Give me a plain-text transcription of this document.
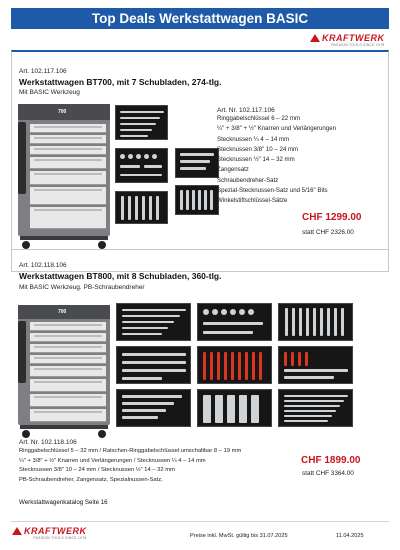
Top Deals Werkstattwagen BASIC
KRAFTWERK
PASSION TOOLS SINCE 1978
Art. 102.117.106
Werkstattwagen BT700, mit 7 Schubladen, 274-tlg.
Mit BASIC Werkzeug
700	Art. Nr. 102.117.106
Ringgabelschlüssel 6 – 22 mm
¼" + 3/8" + ½" Knarren und Verlängerungen
Stecknussen ¼ 4 – 14 mm
Stecknussen 3/8" 10 – 24 mm
Stecknussen ½" 14 – 32 mm
Zangensatz
Schraubendreher-Satz
Spezial-Stecknussen-Satz und 5/16" Bits
Winkelstiftschlüssel-Sätze
CHF 1299.00
statt CHF 2326.00
Art. 102.118.106
Werkstattwagen BT800, mit 8 Schubladen, 360-tlg.
Mit BASIC Werkzeug. PB-Schraubendreher
700
Art. Nr. 102.118.106
Ringgabelschlüssel 5 – 32 mm / Ratschen-Ringgabelschlüssel umschaltbar 8 – 19 mm
¼" + 3/8" + ½" Knarren und Verlängerungen / Stecknussen ¼ 4 – 14 mm
Stecknussen 3/8" 10 – 24 mm / Stecknussen ½" 14 – 32 mm
PB-Schraubendreher, Zangensatz, Spezialnussen-Satz,
CHF 1899.00
statt CHF 3364.00
Werkstattwagenkatalog Seite 16
KRAFTWERK
PASSION TOOLS SINCE 1978	Preise inkl. MwSt. gültig bis 31.07.2025	11.04.2025
